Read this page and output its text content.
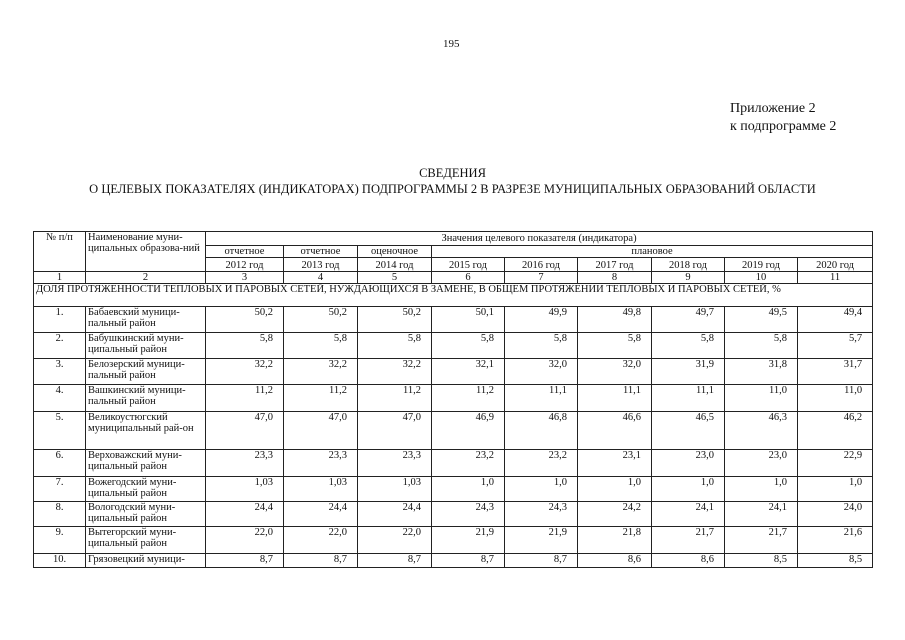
195
Приложение 2
к подпрограмме 2
СВЕДЕНИЯ
О ЦЕЛЕВЫХ ПОКАЗАТЕЛЯХ (ИНДИКАТОРАХ) ПОДПРОГРАММЫ 2 В РАЗРЕЗЕ МУНИЦИПАЛЬНЫХ ОБРАЗОВАНИЙ ОБЛАСТИ
№ п/п	Наименование муни-ципальных образова-ний	Значения целевого показателя (индикатора)								
		отчетное	отчетное	оценочное	плановое					
		2012 год	2013 год	2014 год	2015 год	2016 год	2017 год	2018 год	2019 год	2020 год
1	2	3	4	5	6	7	8	9	10	11
ДОЛЯ ПРОТЯЖЕННОСТИ ТЕПЛОВЫХ И ПАРОВЫХ СЕТЕЙ, НУЖДАЮЩИХСЯ В ЗАМЕНЕ, В ОБЩЕМ ПРОТЯЖЕНИИ ТЕПЛОВЫХ И ПАРОВЫХ СЕТЕЙ, %										
1.	Бабаевский муници-пальный район	50,2	50,2	50,2	50,1	49,9	49,8	49,7	49,5	49,4
2.	Бабушкинский муни-ципальный район	5,8	5,8	5,8	5,8	5,8	5,8	5,8	5,8	5,7
3.	Белозерский муници-пальный район	32,2	32,2	32,2	32,1	32,0	32,0	31,9	31,8	31,7
4.	Вашкинский муници-пальный район	11,2	11,2	11,2	11,2	11,1	11,1	11,1	11,0	11,0
5.	Великоустюгский муниципальный рай-он	47,0	47,0	47,0	46,9	46,8	46,6	46,5	46,3	46,2
6.	Верховажский муни-ципальный район	23,3	23,3	23,3	23,2	23,2	23,1	23,0	23,0	22,9
7.	Вожегодский муни-ципальный район	1,03	1,03	1,03	1,0	1,0	1,0	1,0	1,0	1,0
8.	Вологодский муни-ципальный район	24,4	24,4	24,4	24,3	24,3	24,2	24,1	24,1	24,0
9.	Вытегорский муни-ципальный район	22,0	22,0	22,0	21,9	21,9	21,8	21,7	21,7	21,6
10.	Грязовецкий муници-	8,7	8,7	8,7	8,7	8,7	8,6	8,6	8,5	8,5
